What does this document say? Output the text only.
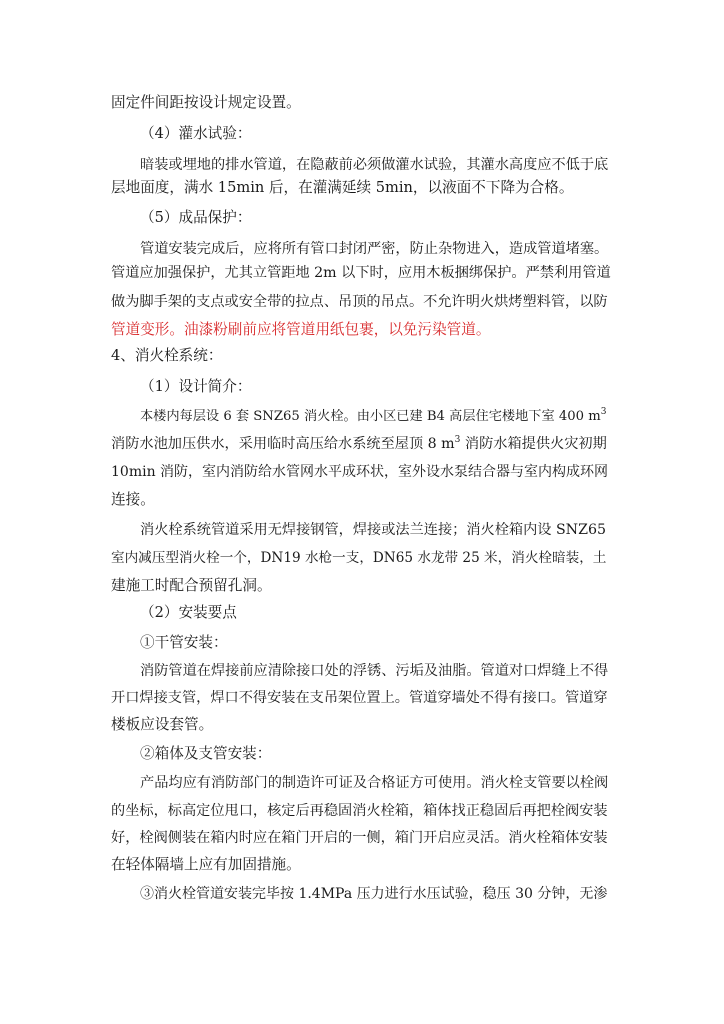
固定件间距按设计规定设置。
（4）灌水试验：
暗装或埋地的排水管道，在隐蔽前必须做灌水试验，其灌水高度应不低于底
层地面度，满水 15min 后，在灌满延续 5min，以液面不下降为合格。
（5）成品保护：
管道安装完成后，应将所有管口封闭严密，防止杂物进入，造成管道堵塞。
管道应加强保护，尤其立管距地 2m 以下时，应用木板捆绑保护。严禁利用管道
做为脚手架的支点或安全带的拉点、吊顶的吊点。不允许明火烘烤塑料管，以防
管道变形。油漆粉刷前应将管道用纸包裹，以免污染管道。
4、消火栓系统：
（1）设计简介：
本楼内每层设 6 套 SNZ65 消火栓。由小区已建 B4 高层住宅楼地下室 400 $m^3$
消防水池加压供水，采用临时高压给水系统至屋顶 8 $m^3$ 消防水箱提供火灾初期
10min 消防，室内消防给水管网水平成环状，室外设水泵结合器与室内构成环网
连接。
消火栓系统管道采用无焊接钢管，焊接或法兰连接；消火栓箱内设 SNZ65
室内减压型消火栓一个，DN19 水枪一支，DN65 水龙带 25 米，消火栓暗装，土
建施工时配合预留孔洞。
（2）安装要点
①干管安装：
消防管道在焊接前应清除接口处的浮锈、污垢及油脂。管道对口焊缝上不得
开口焊接支管，焊口不得安装在支吊架位置上。管道穿墙处不得有接口。管道穿
楼板应设套管。
②箱体及支管安装：
产品均应有消防部门的制造许可证及合格证方可使用。消火栓支管要以栓阀
的坐标，标高定位甩口，核定后再稳固消火栓箱，箱体找正稳固后再把栓阀安装
好，栓阀侧装在箱内时应在箱门开启的一侧，箱门开启应灵活。消火栓箱体安装
在轻体隔墙上应有加固措施。
③消火栓管道安装完毕按 1.4MPa 压力进行水压试验，稳压 30 分钟，无渗
